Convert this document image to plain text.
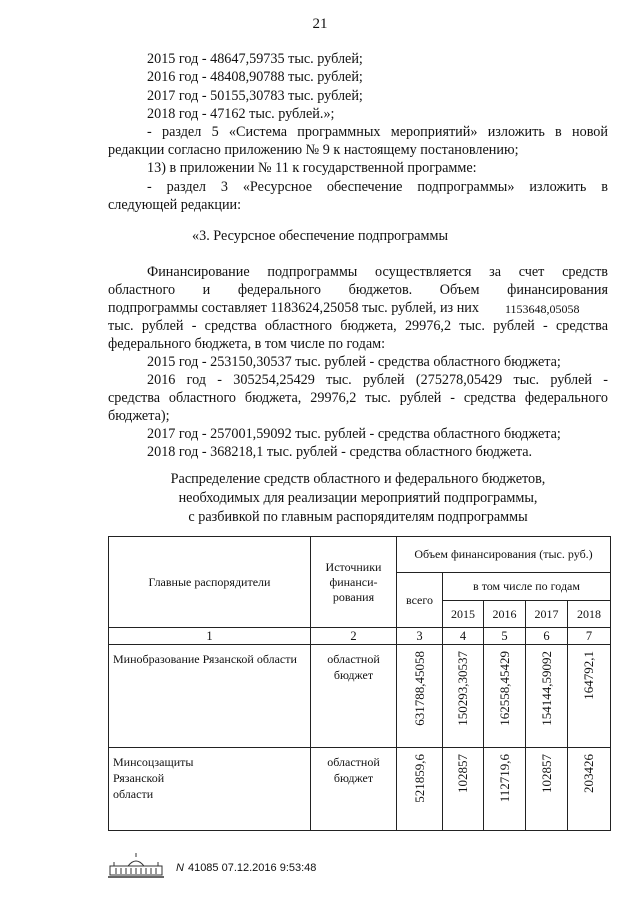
21
2015 год - 48647,59735 тыс. рублей;
2016 год - 48408,90788 тыс. рублей;
2017 год - 50155,30783 тыс. рублей;
2018 год - 47162 тыс. рублей.»;
- раздел 5 «Система программных мероприятий» изложить в новой
редакции согласно приложению № 9 к настоящему постановлению;
13) в приложении № 11 к государственной программе:
- раздел 3 «Ресурсное обеспечение подпрограммы» изложить в
следующей редакции:
«3. Ресурсное обеспечение подпрограммы
Финансирование подпрограммы осуществляется за счет средств
областного и федерального бюджетов. Объем финансирования
подпрограммы составляет 1183624,25058 тыс. рублей, из них 1153648,05058
тыс. рублей - средства областного бюджета, 29976,2 тыс. рублей - средства
федерального бюджета, в том числе по годам:
2015 год - 253150,30537 тыс. рублей - средства областного бюджета;
2016 год - 305254,25429 тыс. рублей (275278,05429 тыс. рублей -
средства областного бюджета, 29976,2 тыс. рублей - средства федерального
бюджета);
2017 год - 257001,59092 тыс. рублей - средства областного бюджета;
2018 год - 368218,1 тыс. рублей - средства областного бюджета.
Распределение средств областного и федерального бюджетов,
необходимых для реализации мероприятий подпрограммы,
с разбивкой по главным распорядителям подпрограммы
Главные распорядители	Источники финанси-рования	Объем финансирования (тыс. руб.)				
		всего	в том числе по годам			
			2015	2016	2017	2018
1	2	3	4	5	6	7
Минобразование Рязанской области	областной бюджет	631788,45058	150293,30537	162558,45429	154144,59092	164792,1

Минсоцзащиты Рязанской области	областной бюджет	521859,6	102857	112719,6	102857	203426
N 41085 07.12.2016 9:53:48
